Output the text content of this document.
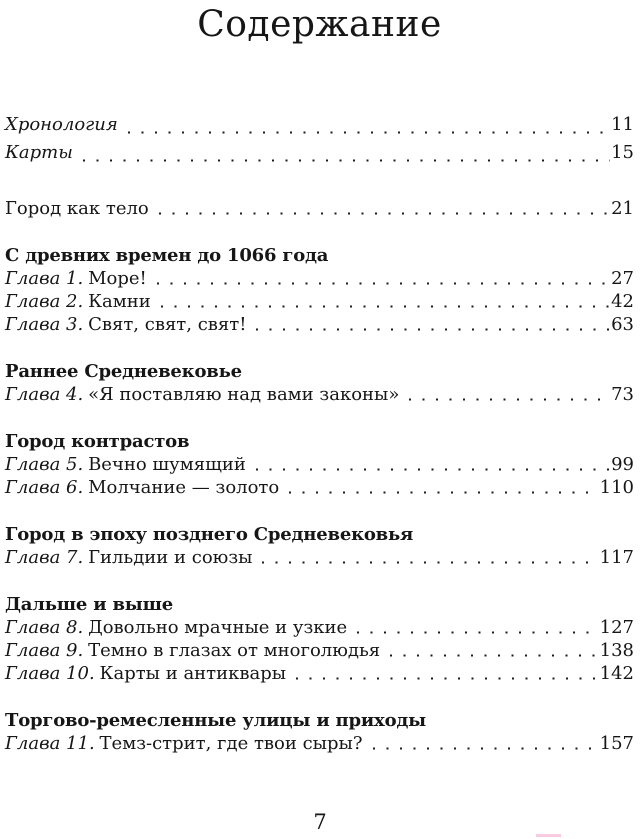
Содержание
Хронология	11
Карты	15
Город как тело	21
С древних времен до 1066 года
Глава 1. Море!	27
Глава 2. Камни	42
Глава 3. Свят, свят, свят!	63
Раннее Средневековье
Глава 4. «Я поставляю над вами законы»	73
Город контрастов
Глава 5. Вечно шумящий	99
Глава 6. Молчание — золото	110
Город в эпоху позднего Средневековья
Глава 7. Гильдии и союзы	117
Дальше и выше
Глава 8. Довольно мрачные и узкие	127
Глава 9. Темно в глазах от многолюдья	138
Глава 10. Карты и антиквары	142
Торгово-ремесленные улицы и приходы
Глава 11. Темз-стрит, где твои сыры?	157
7
